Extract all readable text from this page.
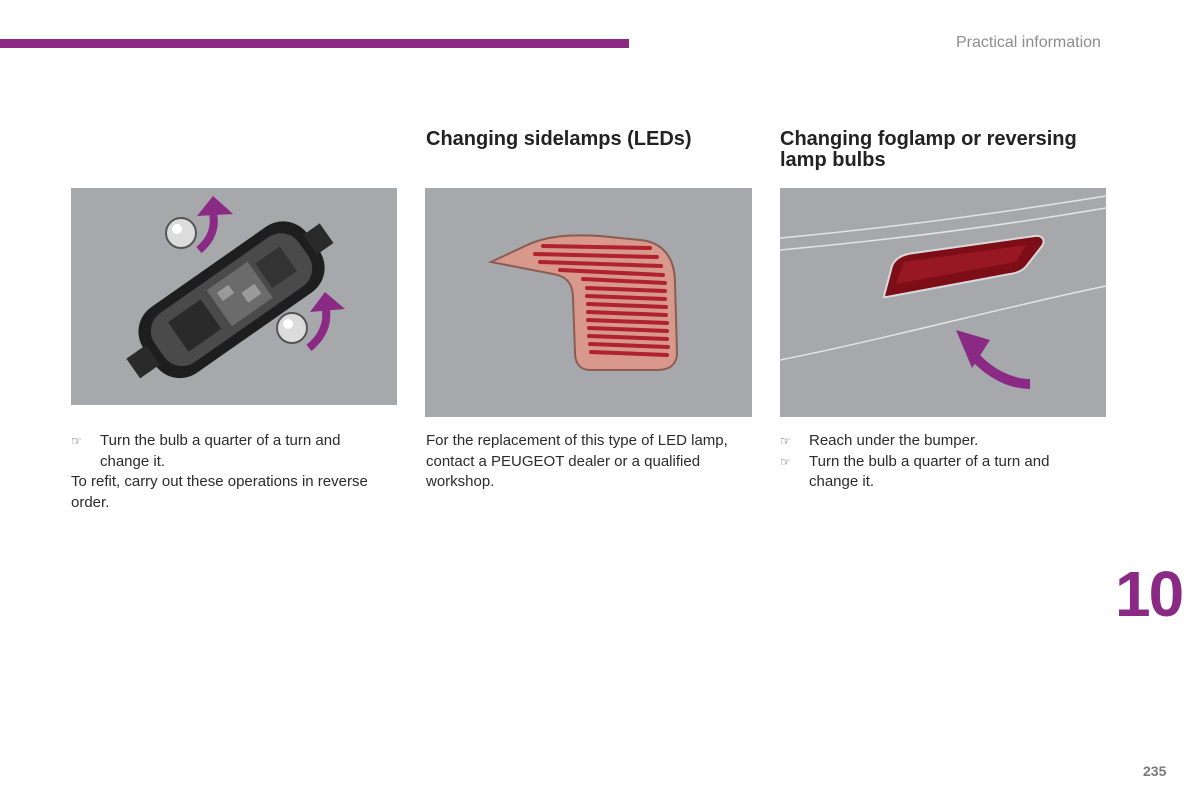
Practical information
Changing sidelamps (LEDs)	Changing foglamp or reversing lamp bulbs
☞ Turn the bulb a quarter of a turn and change it.

To refit, carry out these operations in reverse order.

For the replacement of this type of LED lamp, contact a PEUGEOT dealer or a qualified workshop.

☞ Reach under the bumper.
☞ Turn the bulb a quarter of a turn and change it.
10
235
